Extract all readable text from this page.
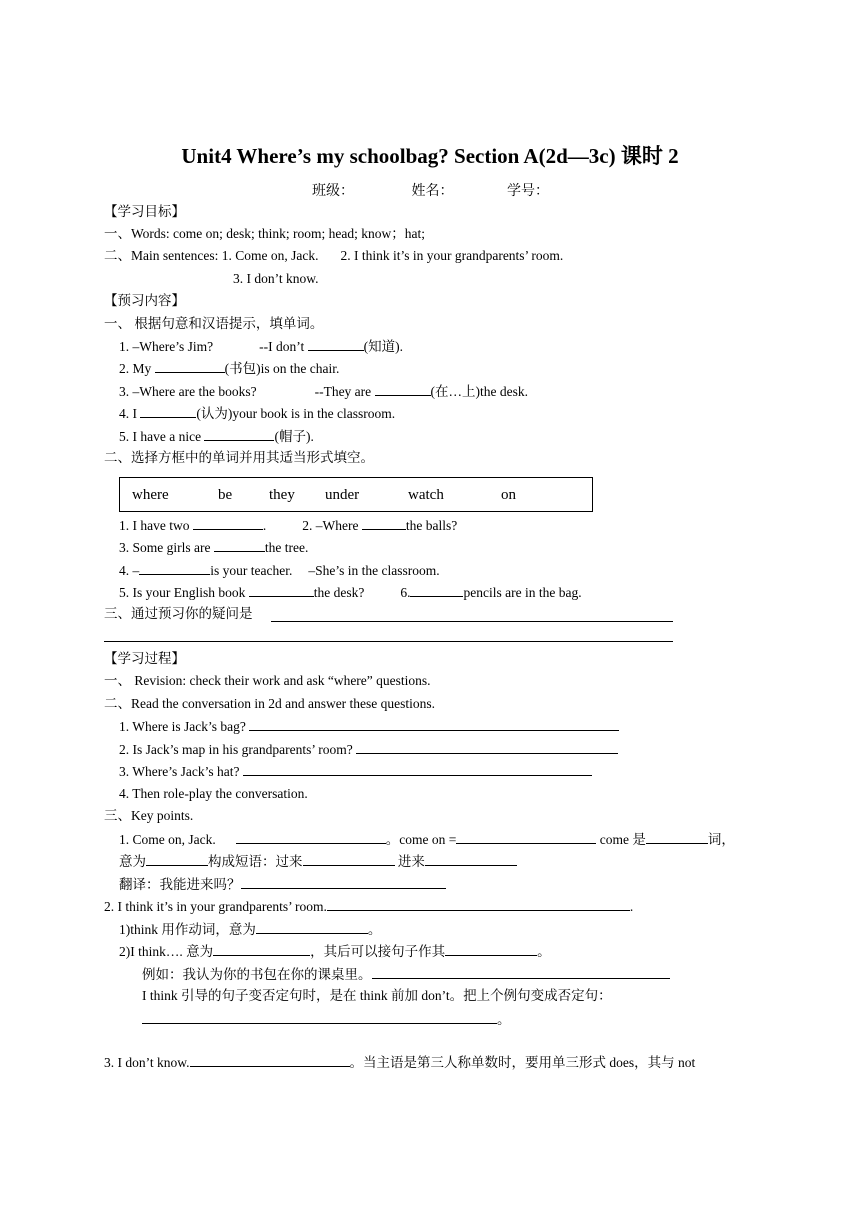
Unit4 Where’s my schoolbag? Section A(2d—3c) 课时 2
班级：	姓名：	学号：
【学习目标】
一、Words: come on; desk; think; room; head; know；hat;
二、Main sentences: 1. Come on, Jack. 2. I think it’s in your grandparents’ room.
3. I don’t know.
【预习内容】
一、 根据句意和汉语提示，填单词。
1. –Where’s Jim?	--I don’t	(知道).
2. My	(书包)is on the chair.
3. –Where are the books?	--They are	(在…上)the desk.
4. I	(认为)your book is in the classroom.
5. I have a nice	(帽子).
二、选择方框中的单词并用其适当形式填空。
where	be they under	watch	on
1. I have two	.	2. –Where	the balls?
3. Some girls are	the tree.
4. –	is your teacher. –She’s in the classroom.
5. Is your English book	the desk?	6.	pencils are in the bag.
三、通过预习你的疑问是
【学习过程】
一、 Revision: check their work and ask “where” questions.
二、Read the conversation in 2d and answer these questions.
1. Where is Jack’s bag?
2. Is Jack’s map in his grandparents’ room?
3. Where’s Jack’s hat?
4. Then role-play the conversation.
三、Key points.
1. Come on, Jack.	。come on =	come 是	词，
意为	构成短语：过来	进来
翻译：我能进来吗？
2. I think it’s in your grandparents’ room.	.
1)think 用作动词，意为	。
2)I think…. 意为	，其后可以接句子作其	。
例如：我认为你的书包在你的课桌里。
I think 引导的句子变否定句时，是在 think 前加 don’t。把上个例句变成否定句：
。
3. I don’t know.	。当主语是第三人称单数时，要用单三形式 does，其与 not
